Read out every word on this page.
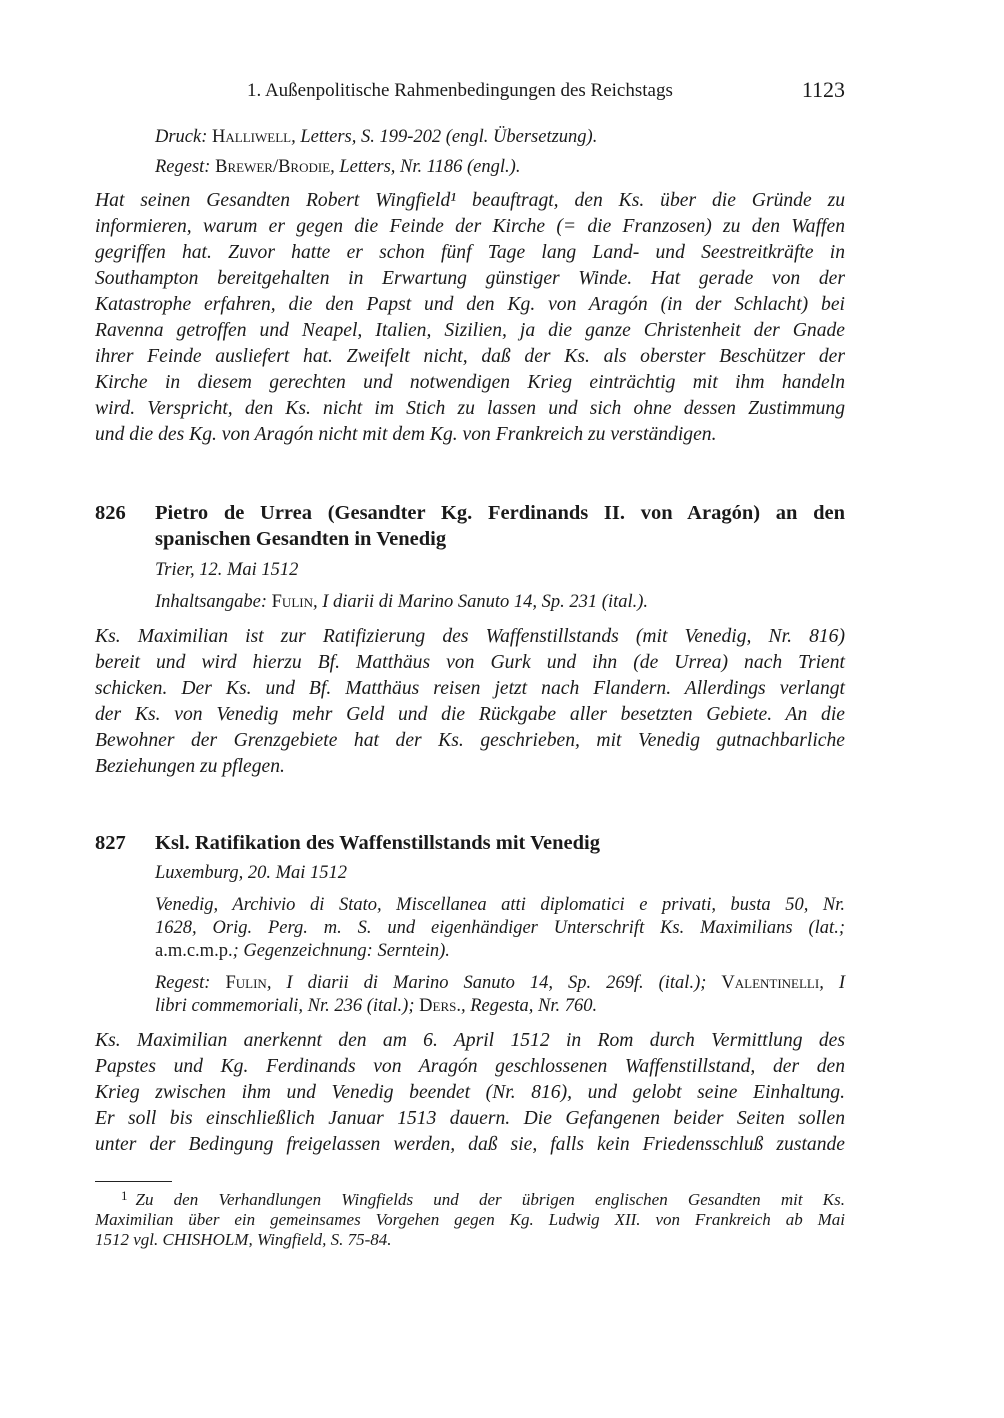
1. Außenpolitische Rahmenbedingungen des Reichstags	1123
Druck: Halliwell, Letters, S. 199-202 (engl. Übersetzung).
Regest: Brewer/Brodie, Letters, Nr. 1186 (engl.).
Hat seinen Gesandten Robert Wingfield¹ beauftragt, den Ks. über die Gründe zu
informieren, warum er gegen die Feinde der Kirche (= die Franzosen) zu den Waffen
gegriffen hat. Zuvor hatte er schon fünf Tage lang Land- und Seestreitkräfte in
Southampton bereitgehalten in Erwartung günstiger Winde. Hat gerade von der
Katastrophe erfahren, die den Papst und den Kg. von Aragón (in der Schlacht) bei
Ravenna getroffen und Neapel, Italien, Sizilien, ja die ganze Christenheit der Gnade
ihrer Feinde ausliefert hat. Zweifelt nicht, daß der Ks. als oberster Beschützer der
Kirche in diesem gerechten und notwendigen Krieg einträchtig mit ihm handeln
wird. Verspricht, den Ks. nicht im Stich zu lassen und sich ohne dessen Zustimmung
und die des Kg. von Aragón nicht mit dem Kg. von Frankreich zu verständigen.
826 Pietro de Urrea (Gesandter Kg. Ferdinands II. von Aragón) an den
spanischen Gesandten in Venedig
Trier, 12. Mai 1512
Inhaltsangabe: Fulin, I diarii di Marino Sanuto 14, Sp. 231 (ital.).
Ks. Maximilian ist zur Ratifizierung des Waffenstillstands (mit Venedig, Nr. 816)
bereit und wird hierzu Bf. Matthäus von Gurk und ihn (de Urrea) nach Trient
schicken. Der Ks. und Bf. Matthäus reisen jetzt nach Flandern. Allerdings verlangt
der Ks. von Venedig mehr Geld und die Rückgabe aller besetzten Gebiete. An die
Bewohner der Grenzgebiete hat der Ks. geschrieben, mit Venedig gutnachbarliche
Beziehungen zu pflegen.
827 Ksl. Ratifikation des Waffenstillstands mit Venedig
Luxemburg, 20. Mai 1512
Venedig, Archivio di Stato, Miscellanea atti diplomatici e privati, busta 50, Nr.
1628, Orig. Perg. m. S. und eigenhändiger Unterschrift Ks. Maximilians (lat.;
a.m.c.m.p.; Gegenzeichnung: Serntein).
Regest: Fulin, I diarii di Marino Sanuto 14, Sp. 269f. (ital.); Valentinelli, I
libri commemoriali, Nr. 236 (ital.); Ders., Regesta, Nr. 760.
Ks. Maximilian anerkennt den am 6. April 1512 in Rom durch Vermittlung des
Papstes und Kg. Ferdinands von Aragón geschlossenen Waffenstillstand, der den
Krieg zwischen ihm und Venedig beendet (Nr. 816), und gelobt seine Einhaltung.
Er soll bis einschließlich Januar 1513 dauern. Die Gefangenen beider Seiten sollen
unter der Bedingung freigelassen werden, daß sie, falls kein Friedensschluß zustande
$^1$ Zu den Verhandlungen Wingfields und der übrigen englischen Gesandten mit Ks.
Maximilian über ein gemeinsames Vorgehen gegen Kg. Ludwig XII. von Frankreich ab Mai
1512 vgl. CHISHOLM, Wingfield, S. 75-84.
